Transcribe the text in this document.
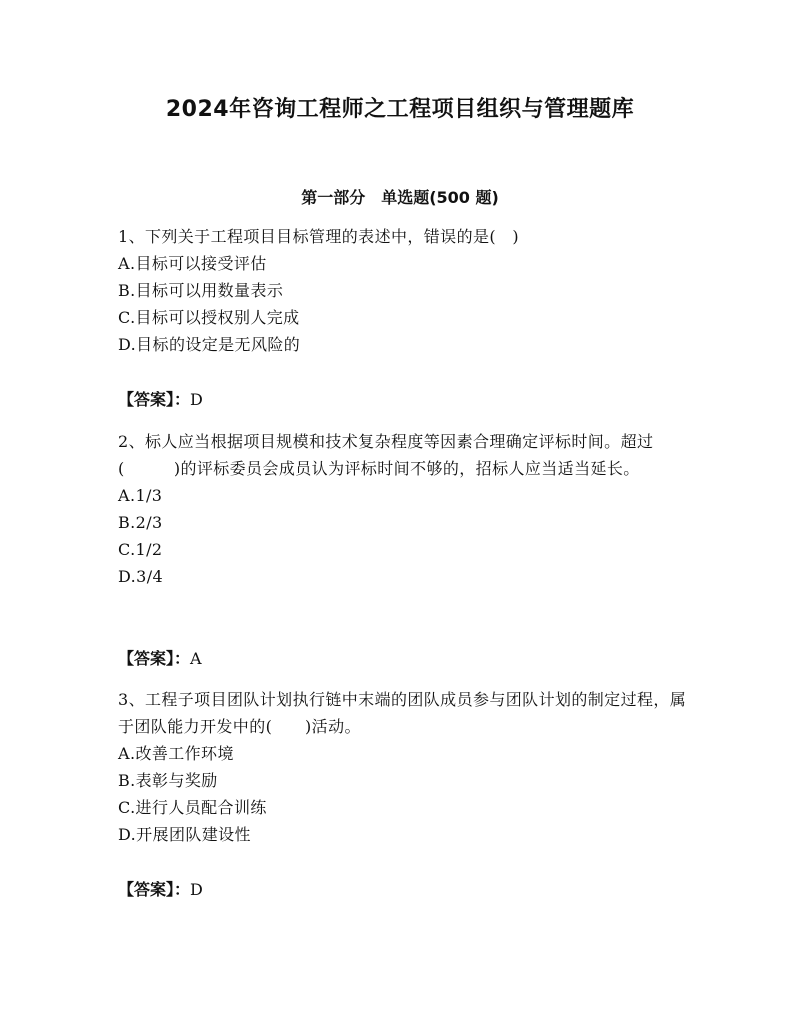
2024年咨询工程师之工程项目组织与管理题库
第一部分　单选题(500 题)

1、下列关于工程项目目标管理的表述中，错误的是(　)

A.目标可以接受评估

B.目标可以用数量表示

C.目标可以授权别人完成

D.目标的设定是无风险的

【答案】：D

2、标人应当根据项目规模和技术复杂程度等因素合理确定评标时间。超过(　　　)的评标委员会成员认为评标时间不够的，招标人应当适当延长。

A.1/3

B.2/3

C.1/2

D.3/4

【答案】：A

3、工程子项目团队计划执行链中末端的团队成员参与团队计划的制定过程，属于团队能力开发中的(　　)活动。

A.改善工作环境

B.表彰与奖励

C.进行人员配合训练

D.开展团队建设性

【答案】：D
